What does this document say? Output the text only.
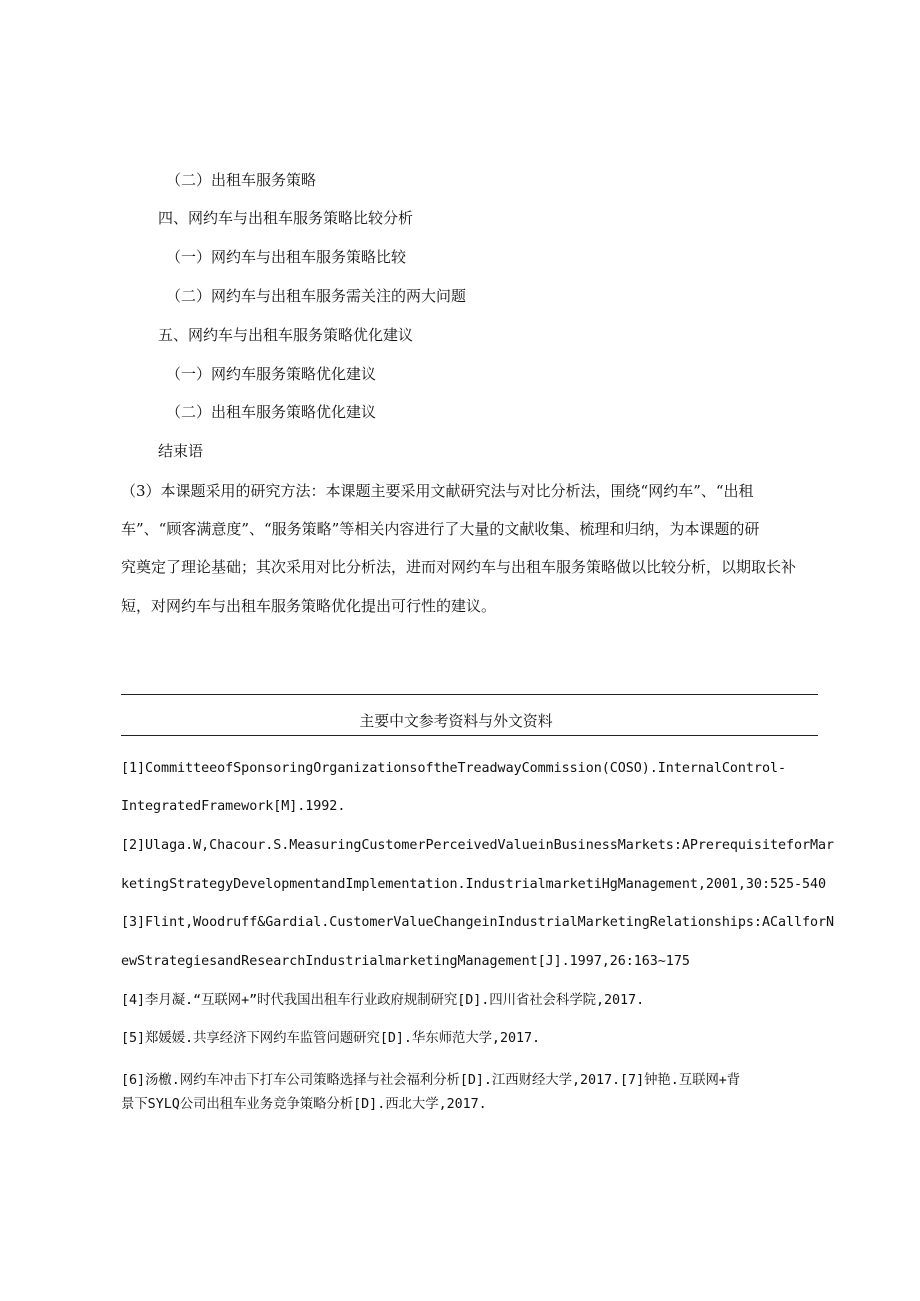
（二）出租车服务策略
四、网约车与出租车服务策略比较分析
（一）网约车与出租车服务策略比较
（二）网约车与出租车服务需关注的两大问题
五、网约车与出租车服务策略优化建议
（一）网约车服务策略优化建议
（二）出租车服务策略优化建议
结束语
（3）本课题采用的研究方法：本课题主要采用文献研究法与对比分析法，围绕“网约车”、“出租
车”、“顾客满意度”、“服务策略”等相关内容进行了大量的文献收集、梳理和归纳，为本课题的研
究奠定了理论基础；其次采用对比分析法，进而对网约车与出租车服务策略做以比较分析，以期取长补
短，对网约车与出租车服务策略优化提出可行性的建议。
主要中文参考资料与外文资料
[1]CommitteeofSponsoringOrganizationsoftheTreadwayCommission(COSO).InternalControl-
IntegratedFramework[M].1992.
[2]Ulaga.W,Chacour.S.MeasuringCustomerPerceivedValueinBusinessMarkets:APrerequisiteforMar
ketingStrategyDevelopmentandImplementation.IndustrialmarketiHgManagement,2001,30:525-540
[3]Flint,Woodruff&Gardial.CustomerValueChangeinIndustrialMarketingRelationships:ACallforN
ewStrategiesandResearchIndustrialmarketingManagement[J].1997,26:163~175
[4]李月凝.“互联网+”时代我国出租车行业政府规制研究[D].四川省社会科学院,2017.
[5]郑媛媛.共享经济下网约车监管问题研究[D].华东师范大学,2017.
[6]汤檄.网约车冲击下打车公司策略选择与社会福利分析[D].江西财经大学,2017.[7]钟艳.互联网+背
景下SYLQ公司出租车业务竞争策略分析[D].西北大学,2017.
